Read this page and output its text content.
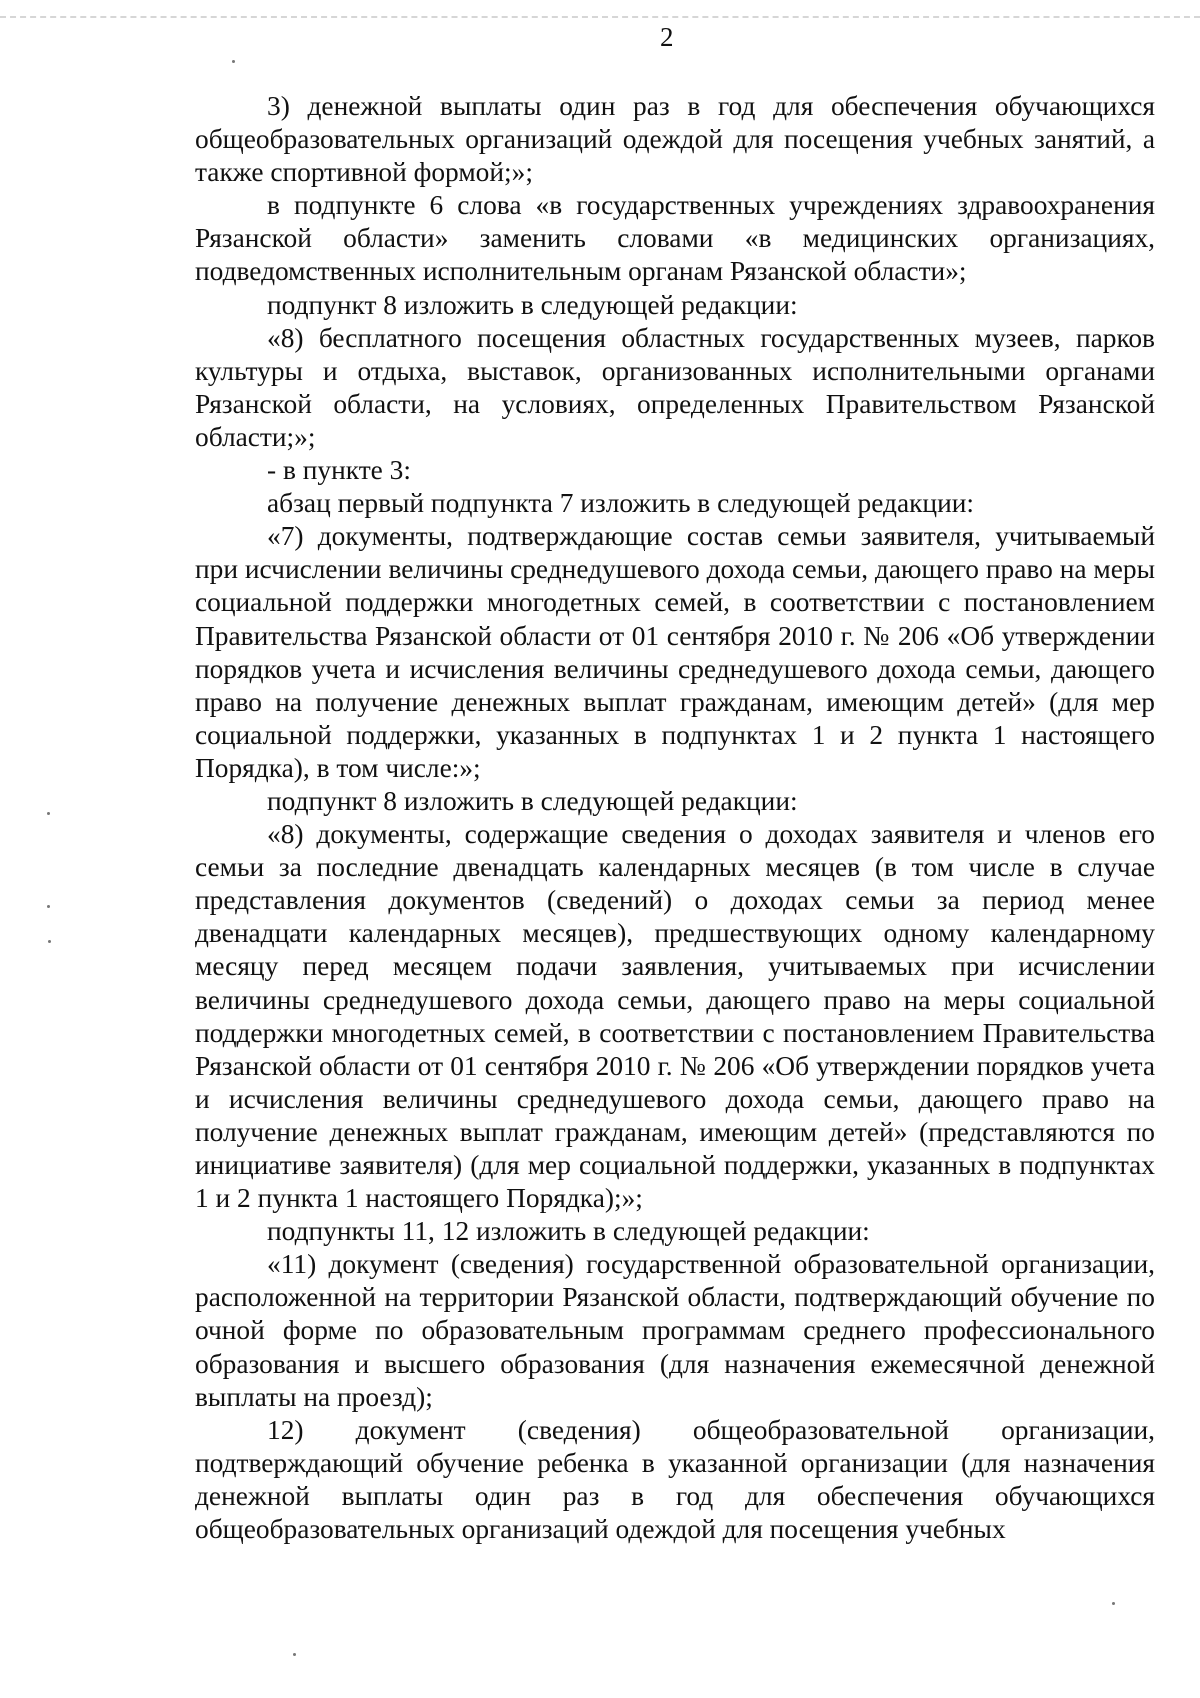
2

3) денежной выплаты один раз в год для обеспечения обучающихся общеобразовательных организаций одеждой для посещения учебных занятий, а также спортивной формой;»;

в подпункте 6 слова «в государственных учреждениях здравоохранения Рязанской области» заменить словами «в медицинских организациях, подведомственных исполнительным органам Рязанской области»;

подпункт 8 изложить в следующей редакции:

«8) бесплатного посещения областных государственных музеев, парков культуры и отдыха, выставок, организованных исполнительными органами Рязанской области, на условиях, определенных Правительством Рязанской области;»;

- в пункте 3:

абзац первый подпункта 7 изложить в следующей редакции:

«7) документы, подтверждающие состав семьи заявителя, учитываемый при исчислении величины среднедушевого дохода семьи, дающего право на меры социальной поддержки многодетных семей, в соответствии с постановлением Правительства Рязанской области от 01 сентября 2010 г. № 206 «Об утверждении порядков учета и исчисления величины среднедушевого дохода семьи, дающего право на получение денежных выплат гражданам, имеющим детей» (для мер социальной поддержки, указанных в подпунктах 1 и 2 пункта 1 настоящего Порядка), в том числе:»;

подпункт 8 изложить в следующей редакции:

«8) документы, содержащие сведения о доходах заявителя и членов его семьи за последние двенадцать календарных месяцев (в том числе в случае представления документов (сведений) о доходах семьи за период менее двенадцати календарных месяцев), предшествующих одному календарному месяцу перед месяцем подачи заявления, учитываемых при исчислении величины среднедушевого дохода семьи, дающего право на меры социальной поддержки многодетных семей, в соответствии с постановлением Правительства Рязанской области от 01 сентября 2010 г. № 206 «Об утверждении порядков учета и исчисления величины среднедушевого дохода семьи, дающего право на получение денежных выплат гражданам, имеющим детей» (представляются по инициативе заявителя) (для мер социальной поддержки, указанных в подпунктах 1 и 2 пункта 1 настоящего Порядка);»;

подпункты 11, 12 изложить в следующей редакции:

«11) документ (сведения) государственной образовательной организации, расположенной на территории Рязанской области, подтверждающий обучение по очной форме по образовательным программам среднего профессионального образования и высшего образования (для назначения ежемесячной денежной выплаты на проезд);

12) документ (сведения) общеобразовательной организации, подтверждающий обучение ребенка в указанной организации (для назначения денежной выплаты один раз в год для обеспечения обучающихся общеобразовательных организаций одеждой для посещения учебных
